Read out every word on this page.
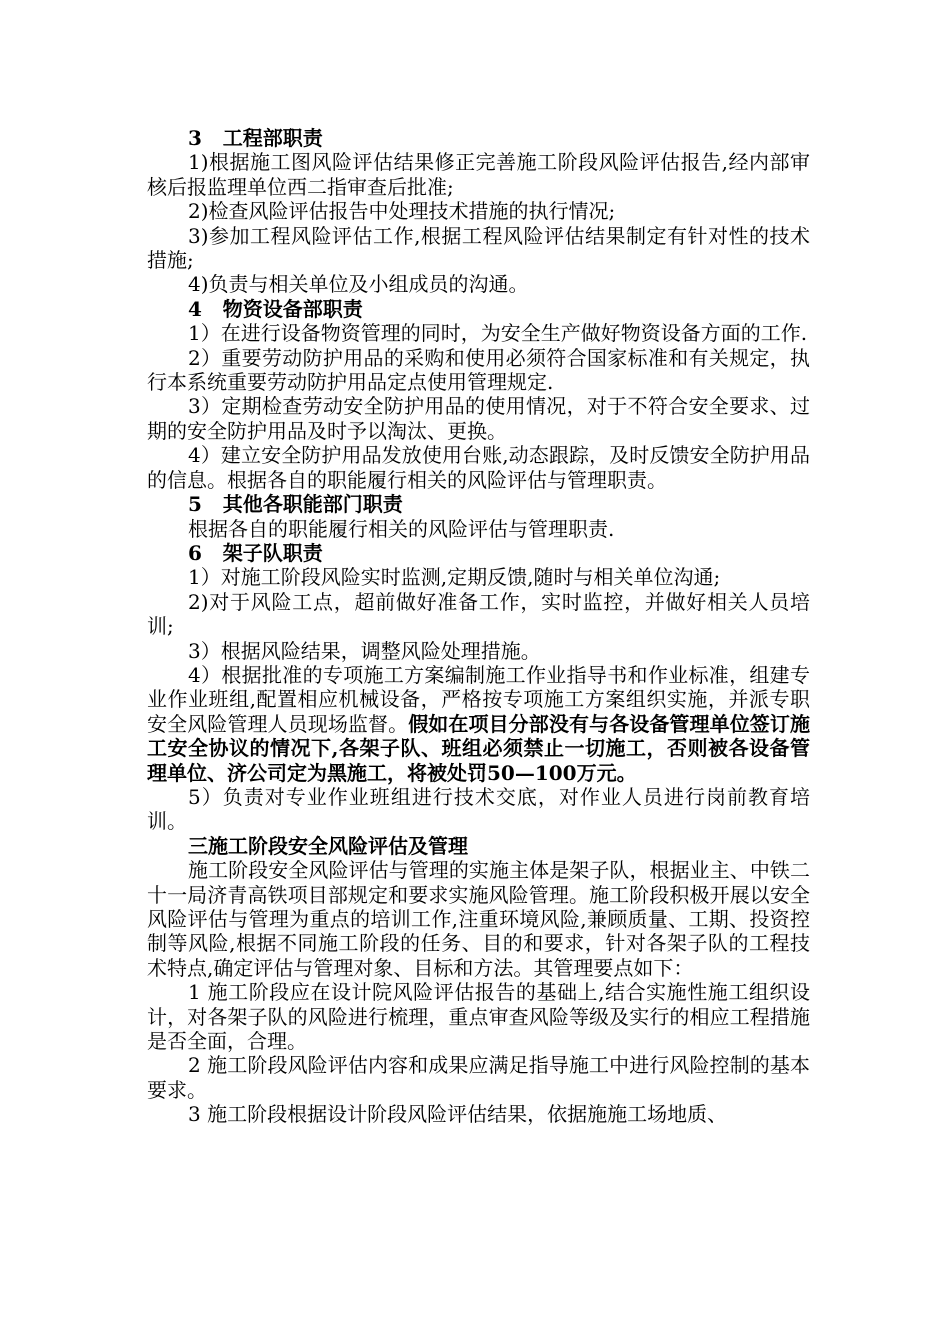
3   工程部职责

1)根据施工图风险评估结果修正完善施工阶段风险评估报告,经内部审核后报监理单位西二指审查后批准;

2)检查风险评估报告中处理技术措施的执行情况;

3)参加工程风险评估工作,根据工程风险评估结果制定有针对性的技术措施;

4)负责与相关单位及小组成员的沟通。

4   物资设备部职责

1）在进行设备物资管理的同时，为安全生产做好物资设备方面的工作.

2）重要劳动防护用品的采购和使用必须符合国家标准和有关规定，执行本系统重要劳动防护用品定点使用管理规定.

3）定期检查劳动安全防护用品的使用情况，对于不符合安全要求、过期的安全防护用品及时予以淘汰、更换。

4）建立安全防护用品发放使用台账,动态跟踪，及时反馈安全防护用品的信息。根据各自的职能履行相关的风险评估与管理职责。

5   其他各职能部门职责

根据各自的职能履行相关的风险评估与管理职责.

6   架子队职责

1）对施工阶段风险实时监测,定期反馈,随时与相关单位沟通;

2)对于风险工点，超前做好准备工作，实时监控，并做好相关人员培训;

3）根据风险结果，调整风险处理措施。

4）根据批准的专项施工方案编制施工作业指导书和作业标准，组建专业作业班组,配置相应机械设备，严格按专项施工方案组织实施，并派专职安全风险管理人员现场监督。假如在项目分部没有与各设备管理单位签订施工安全协议的情况下,各架子队、班组必须禁止一切施工，否则被各设备管理单位、济公司定为黑施工，将被处罚50—100万元。

5）负责对专业作业班组进行技术交底，对作业人员进行岗前教育培训。

三施工阶段安全风险评估及管理

施工阶段安全风险评估与管理的实施主体是架子队，根据业主、中铁二十一局济青高铁项目部规定和要求实施风险管理。施工阶段积极开展以安全风险评估与管理为重点的培训工作,注重环境风险,兼顾质量、工期、投资控制等风险,根据不同施工阶段的任务、目的和要求，针对各架子队的工程技术特点,确定评估与管理对象、目标和方法。其管理要点如下：

1 施工阶段应在设计院风险评估报告的基础上,结合实施性施工组织设计，对各架子队的风险进行梳理，重点审查风险等级及实行的相应工程措施是否全面，合理。

2 施工阶段风险评估内容和成果应满足指导施工中进行风险控制的基本要求。

3 施工阶段根据设计阶段风险评估结果，依据施施工场地质、
